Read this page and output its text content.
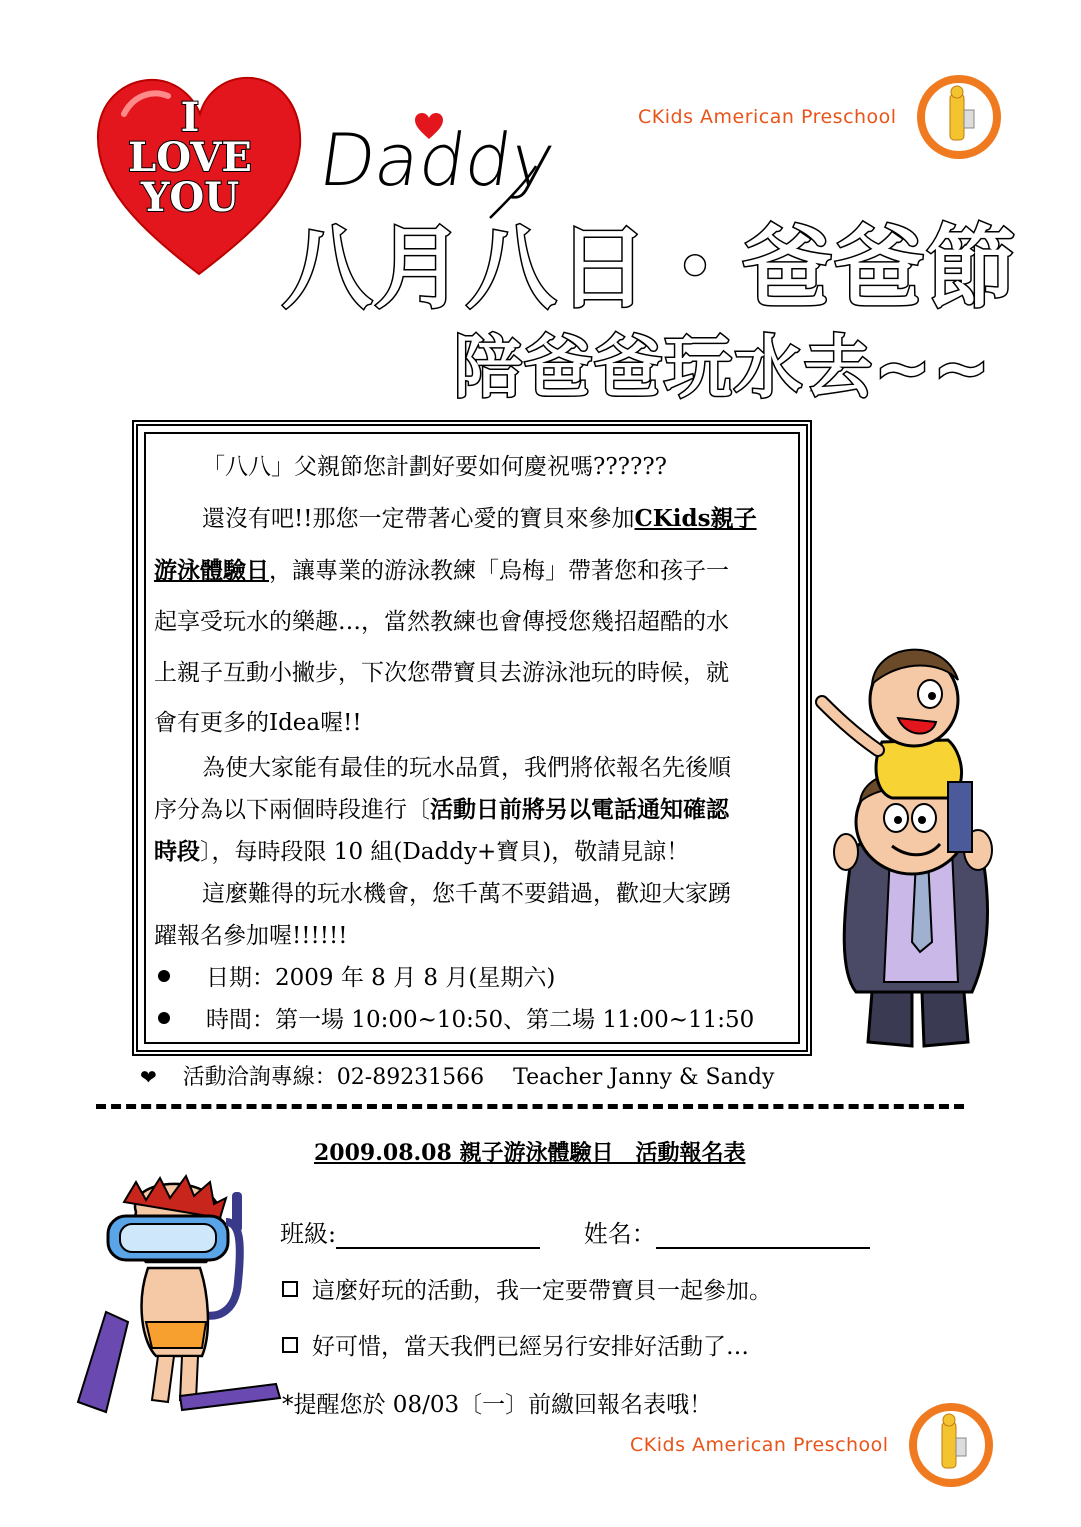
I
LOVE
YOU	Daddy
CKids American Preschool
八月八日・爸爸節
陪爸爸玩水去~~
「八八」父親節您計劃好要如何慶祝嗎??????
還沒有吧!!那您一定帶著心愛的寶貝來參加CKids親子
游泳體驗日，讓專業的游泳教練「烏梅」帶著您和孩子一
起享受玩水的樂趣…，當然教練也會傳授您幾招超酷的水
上親子互動小撇步，下次您帶寶貝去游泳池玩的時候，就
會有更多的Idea喔!!
為使大家能有最佳的玩水品質，我們將依報名先後順
序分為以下兩個時段進行〔活動日前將另以電話通知確認
時段〕，每時段限 10 組(Daddy+寶貝)，敬請見諒！
這麼難得的玩水機會，您千萬不要錯過，歡迎大家踴
躍報名參加喔!!!!!!
日期：2009 年 8 月 8 月(星期六)
時間：第一場 10:00~10:50、第二場 11:00~11:50
❤ 活動洽詢專線：02-89231566　 Teacher Janny & Sandy
2009.08.08 親子游泳體驗日　活動報名表
班級:	姓名：
這麼好玩的活動，我一定要帶寶貝一起參加。
好可惜，當天我們已經另行安排好活動了…
*提醒您於 08/03〔一〕前繳回報名表哦！
CKids American Preschool
